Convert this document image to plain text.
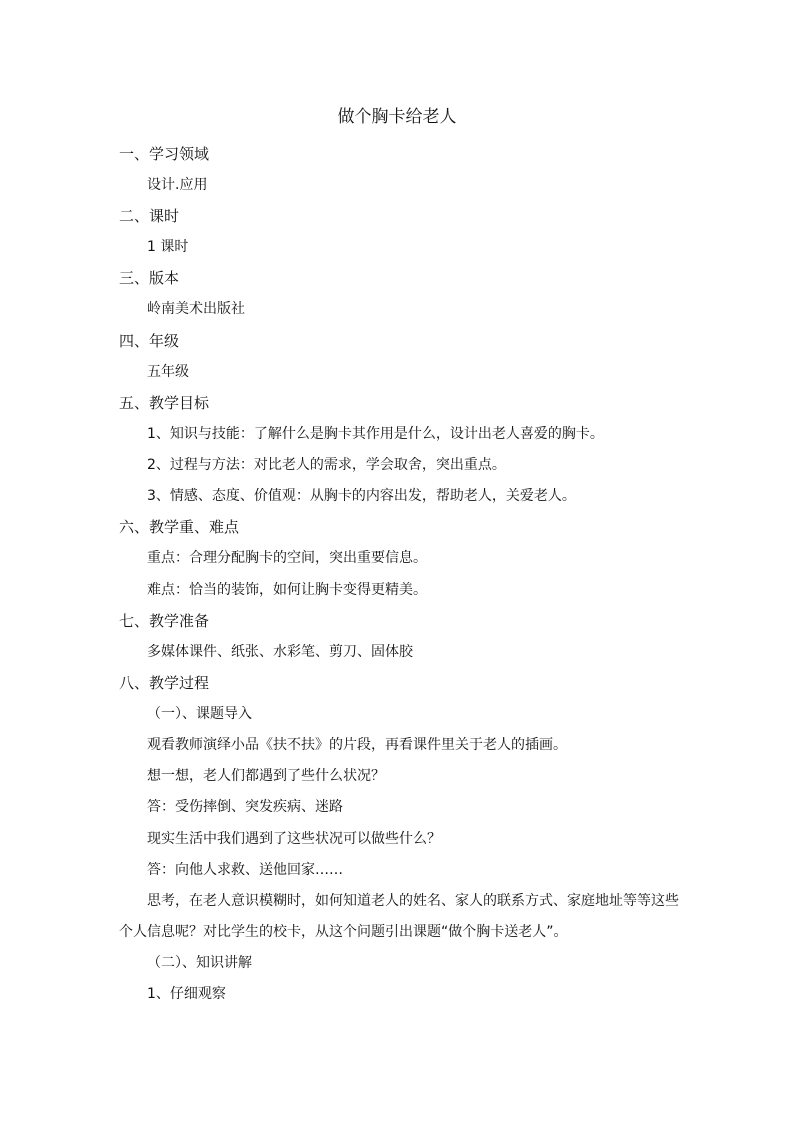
做个胸卡给老人
一、学习领域
设计.应用
二、课时
1 课时
三、版本
岭南美术出版社
四、年级
五年级
五、教学目标
1、知识与技能：了解什么是胸卡其作用是什么，设计出老人喜爱的胸卡。
2、过程与方法：对比老人的需求，学会取舍，突出重点。
3、情感、态度、价值观：从胸卡的内容出发，帮助老人，关爱老人。
六、教学重、难点
重点：合理分配胸卡的空间，突出重要信息。
难点：恰当的装饰，如何让胸卡变得更精美。
七、教学准备
多媒体课件、纸张、水彩笔、剪刀、固体胶
八、教学过程
（一）、课题导入
观看教师演绎小品《扶不扶》的片段，再看课件里关于老人的插画。
想一想，老人们都遇到了些什么状况？
答：受伤摔倒、突发疾病、迷路
现实生活中我们遇到了这些状况可以做些什么？
答：向他人求救、送他回家……
思考，在老人意识模糊时，如何知道老人的姓名、家人的联系方式、家庭地址等等这些
个人信息呢？对比学生的校卡，从这个问题引出课题“做个胸卡送老人”。
（二）、知识讲解
1、仔细观察
